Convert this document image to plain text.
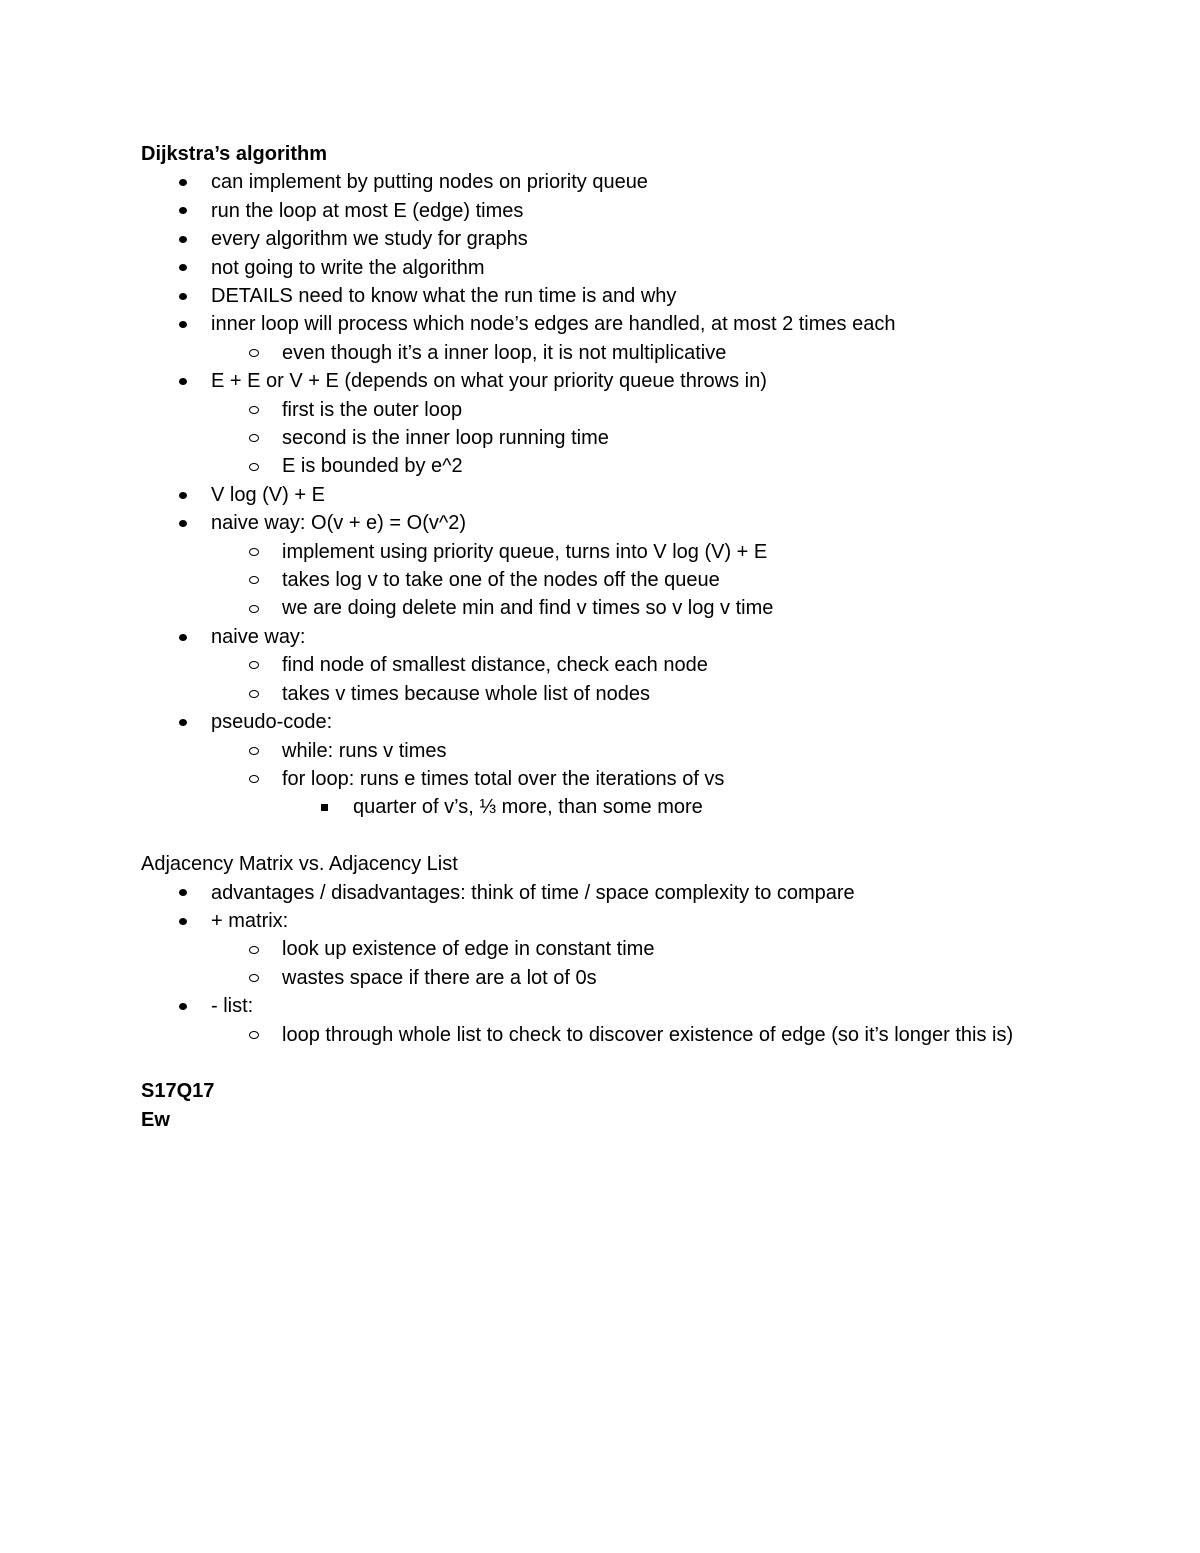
Dijkstra’s algorithm
can implement by putting nodes on priority queue
run the loop at most E (edge) times
every algorithm we study for graphs
not going to write the algorithm
DETAILS need to know what the run time is and why
inner loop will process which node’s edges are handled, at most 2 times each
even though it’s a inner loop, it is not multiplicative
E + E or V + E (depends on what your priority queue throws in)
first is the outer loop
second is the inner loop running time
E is bounded by e^2
V log (V) + E
naive way: O(v + e) = O(v^2)
implement using priority queue, turns into V log (V) + E
takes log v to take one of the nodes off the queue
we are doing delete min and find v times so v log v time
naive way:
find node of smallest distance, check each node
takes v times because whole list of nodes
pseudo-code:
while: runs v times
for loop: runs e times total over the iterations of vs
quarter of v’s, ⅓ more, than some more
Adjacency Matrix vs. Adjacency List
advantages / disadvantages: think of time / space complexity to compare
+ matrix:
look up existence of edge in constant time
wastes space if there are a lot of 0s
- list:
loop through whole list to check to discover existence of edge (so it’s longer this is)
S17Q17
Ew
